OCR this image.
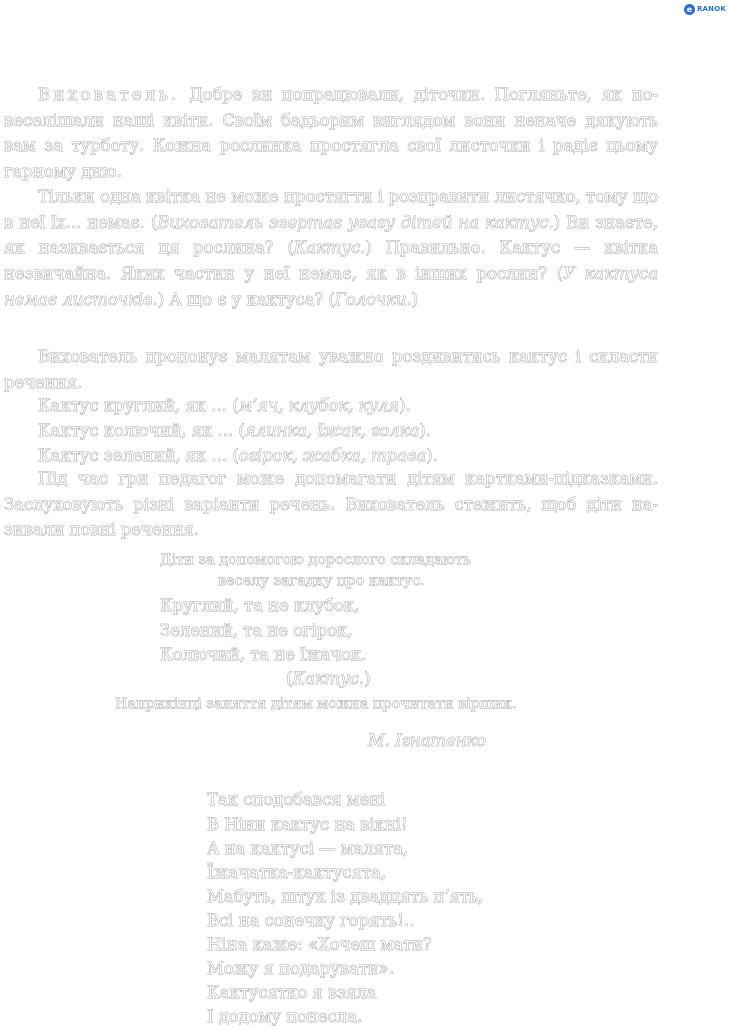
e RANOK

Вихователь. Добре ви попрацювали, діточки. Погляньте, як повеселішали наші квіти. Своїм бадьорим виглядом вони неначе дякують вам за турботу. Кожна рослинка простягла свої листочки і радіє цьому гарному дню.

Тільки одна квітка не може простягти і розправити листячко, тому що в неї їх... немає. (Вихователь звертає увагу дітей на кактус.) Ви знаєте, як називається ця рослина? (Кактус.) Правильно. Кактус — квітка незвичайна. Яких частин у неї немає, як в інших рослин? (У кактуса немає листочків.) А що є у кактуса? (Голочки.)

Вихователь пропонує малятам уважно роздивитись кактус і скласти речення.

Кактус круглий, як ... (м’яч, клубок, куля).

Кактус колючий, як ... (ялинка, їжак, голка).

Кактус зелений, як ... (огірок, жабка, трава).

Під час гри педагог може допомагати дітям картками-підказками. Заслуховують різні варіанти речень. Вихователь стежить, щоб діти називали повні речення.

Діти за допомогою дорослого складають

веселу загадку про кактус.

Круглий, та не клубок,

Зелений, та не огірок,

Колючий, та не їжачок.

(Кактус.)

Наприкінці заняття дітям можна прочитати віршик.

М. Ігнатенко

Так сподобався мені

В Ніни кактус на вікні!

А на кактусі — малята,

Їжачатка-кактусята,

Мабуть, штук із двадцять п’ять,

Всі на сонечку горять!..

Ніна каже: «Хочеш мати?

Можу я подарувати».

Кактусятко я взяла

І додому понесла.
